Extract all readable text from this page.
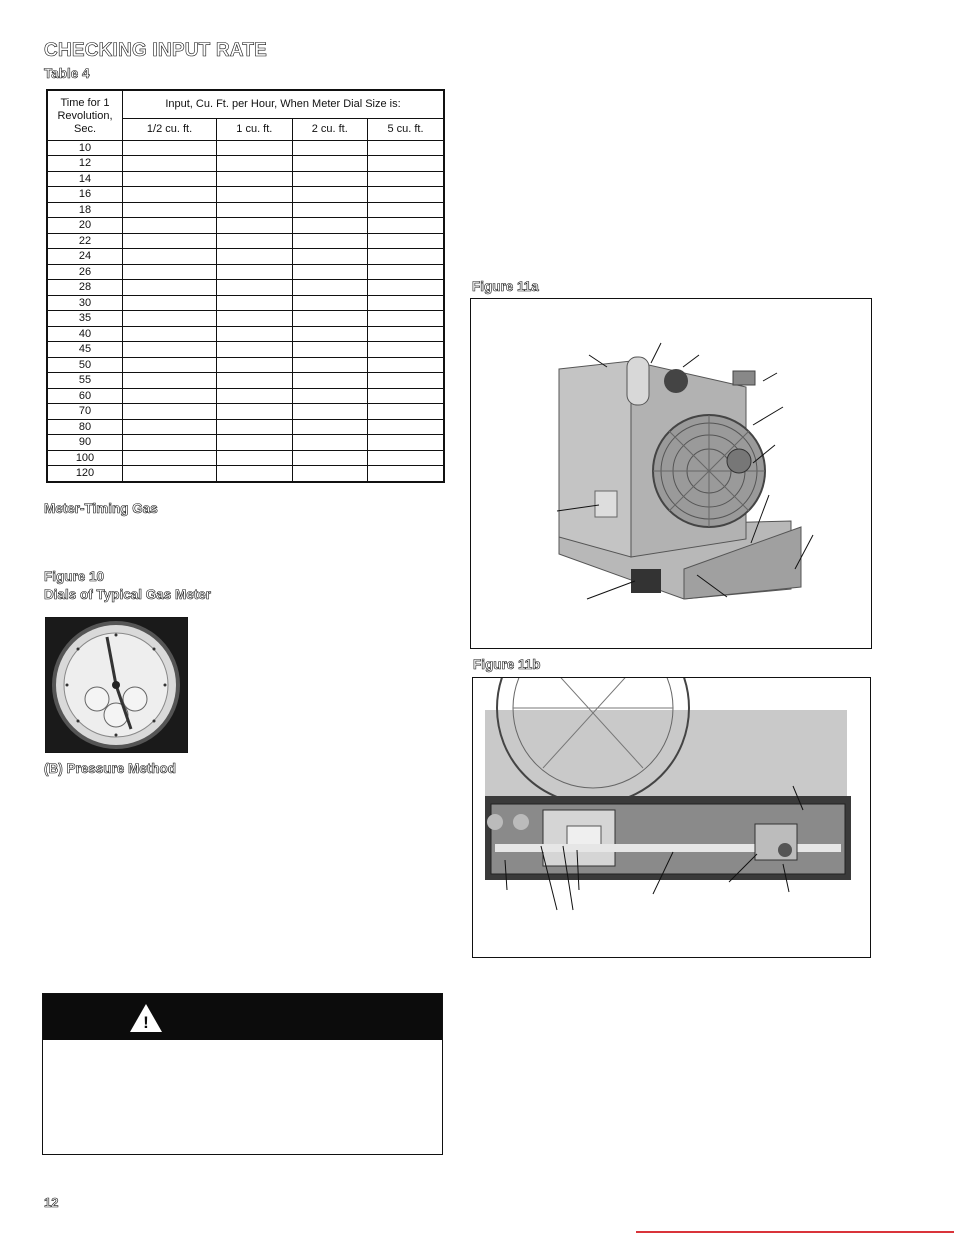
CHECKING INPUT RATE
Table 4
Time for 1 Revolution, Sec.	Input, Cu. Ft. per Hour, When Meter Dial Size is:			
	1/2 cu. ft.	1 cu. ft.	2 cu. ft.	5 cu. ft.
10				
12				
14				
16				
18				
20				
22				
24				
26				
28				
30				
35				
40				
45				
50				
55				
60				
70				
80				
90				
100				
120				
Meter-Timing Gas
Figure 10
Dials of Typical Gas Meter
(B) Pressure Method
!
12
Figure 11a
Figure 11b
